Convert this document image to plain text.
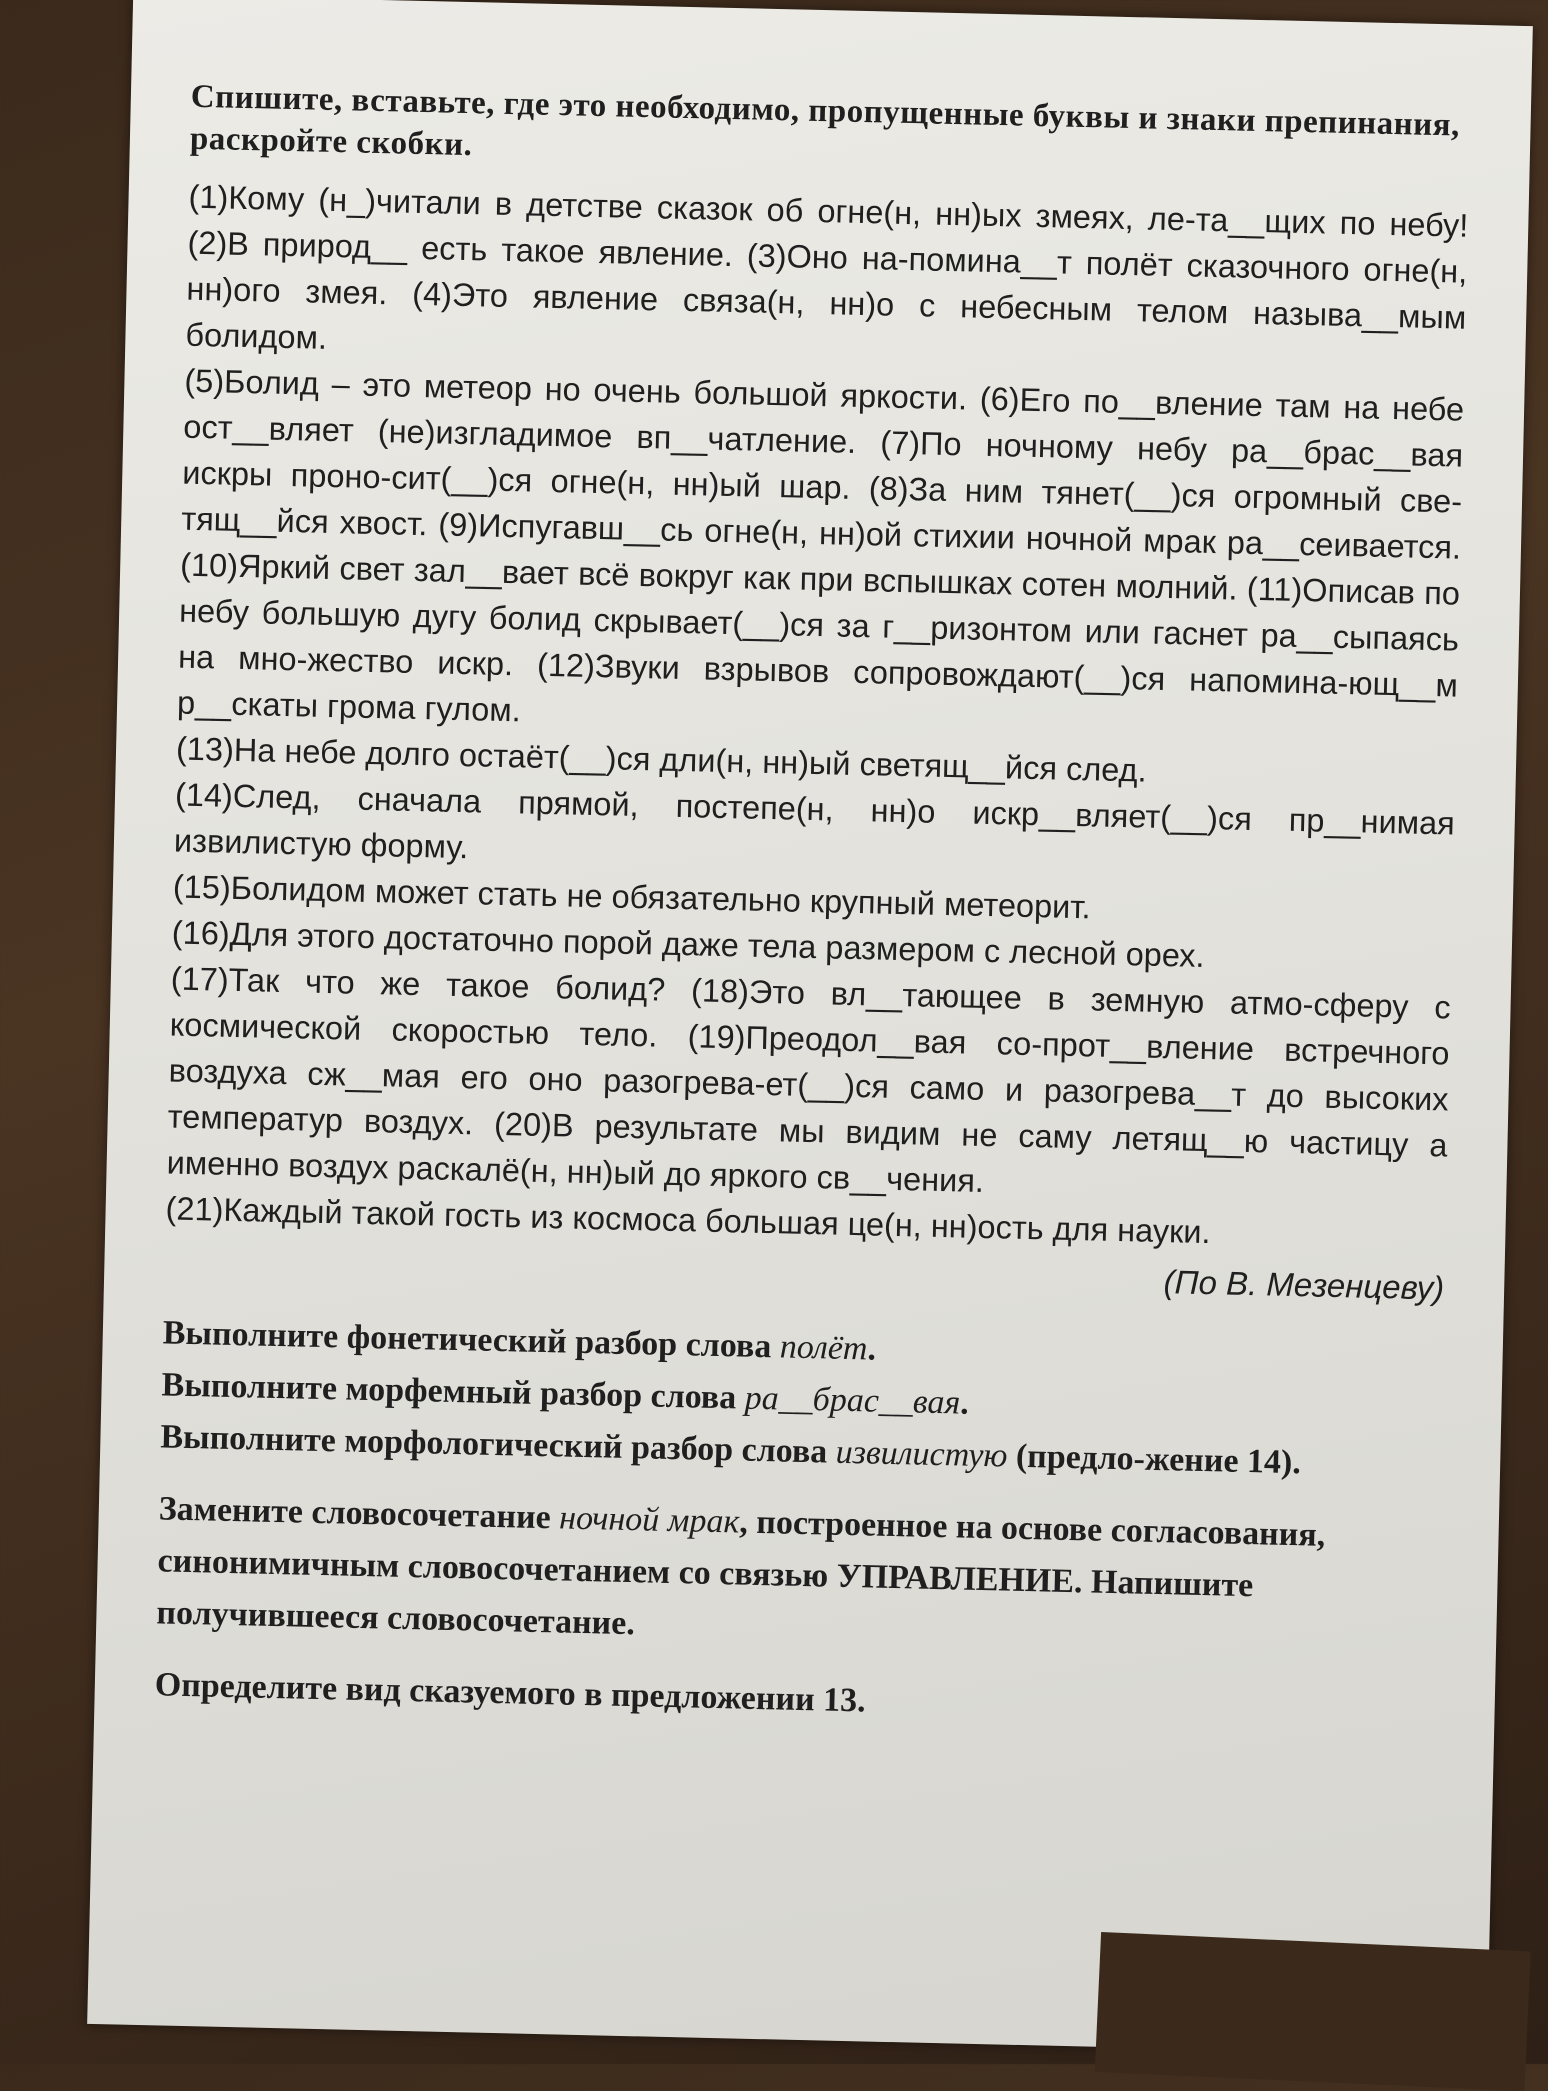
Спишите, вставьте, где это необходимо, пропущенные буквы и знаки препинания, раскройте скобки.

(1)Кому (н_)читали в детстве сказок об огне(н, нн)ых змеях, ле-та__щих по небу! (2)В природ__ есть такое явление. (3)Оно на-помина__т полёт сказочного огне(н, нн)ого змея. (4)Это явление связа(н, нн)о с небесным телом называ__мым болидом.

(5)Болид – это метеор но очень большой яркости. (6)Его по__вление там на небе ост__вляет (не)изгладимое вп__чатление. (7)По ночному небу ра__брас__вая искры проно-сит(__)ся огне(н, нн)ый шар. (8)За ним тянет(__)ся огромный све-тящ__йся хвост. (9)Испугавш__сь огне(н, нн)ой стихии ночной мрак ра__сеивается. (10)Яркий свет зал__вает всё вокруг как при вспышках сотен молний. (11)Описав по небу большую дугу болид скрывает(__)ся за г__ризонтом или гаснет ра__сыпаясь на мно-жество искр. (12)Звуки взрывов сопровождают(__)ся напомина-ющ__м р__скаты грома гулом.

(13)На небе долго остаёт(__)ся дли(н, нн)ый светящ__йся след.

(14)След, сначала прямой, постепе(н, нн)о искр__вляет(__)ся пр__нимая извилистую форму.

(15)Болидом может стать не обязательно крупный метеорит.

(16)Для этого достаточно порой даже тела размером с лесной орех.

(17)Так что же такое болид? (18)Это вл__тающее в земную атмо-сферу с космической скоростью тело. (19)Преодол__вая со-прот__вление встречного воздуха сж__мая его оно разогрева-ет(__)ся само и разогрева__т до высоких температур воздух. (20)В результате мы видим не саму летящ__ю частицу а именно воздух раскалё(н, нн)ый до яркого св__чения.

(21)Каждый такой гость из космоса большая це(н, нн)ость для науки.

(По В. Мезенцеву)

Выполните фонетический разбор слова полёт.

Выполните морфемный разбор слова ра__брас__вая.

Выполните морфологический разбор слова извилистую (предло-жение 14).

Замените словосочетание ночной мрак, построенное на основе согласования, синонимичным словосочетанием со связью УПРАВЛЕНИЕ. Напишите получившееся словосочетание.

Определите вид сказуемого в предложении 13.
